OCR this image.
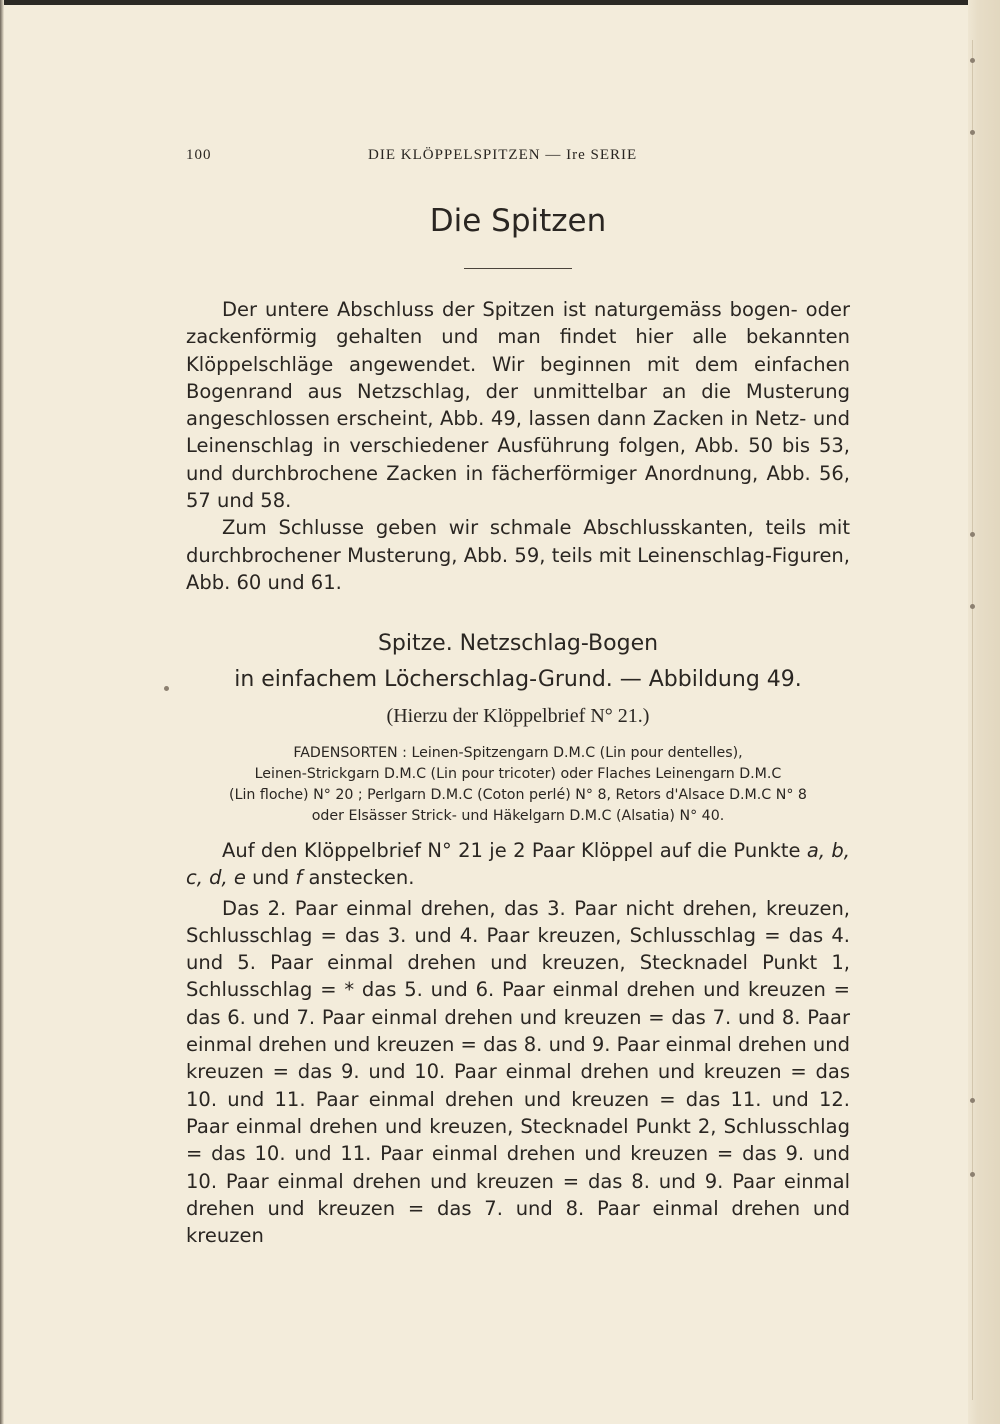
100	DIE KLÖPPELSPITZEN — Ire SERIE
Die Spitzen

Der untere Abschluss der Spitzen ist naturgemäss bogen- oder zackenförmig gehalten und man findet hier alle bekannten Klöppelschläge angewendet. Wir beginnen mit dem einfachen Bogenrand aus Netzschlag, der unmittelbar an die Musterung angeschlossen erscheint, Abb. 49, lassen dann Zacken in Netz- und Leinenschlag in verschiedener Ausführung folgen, Abb. 50 bis 53, und durchbrochene Zacken in fächerförmiger Anordnung, Abb. 56, 57 und 58.

Zum Schlusse geben wir schmale Abschlusskanten, teils mit durchbrochener Musterung, Abb. 59, teils mit Leinenschlag-Figuren, Abb. 60 und 61.

Spitze. Netzschlag-Bogen
in einfachem Löcherschlag-Grund. — Abbildung 49.
(Hierzu der Klöppelbrief N° 21.)
FADENSORTEN : Leinen-Spitzengarn D.M.C (Lin pour dentelles),
Leinen-Strickgarn D.M.C (Lin pour tricoter) oder Flaches Leinengarn D.M.C
(Lin floche) N° 20 ; Perlgarn D.M.C (Coton perlé) N° 8, Retors d'Alsace D.M.C N° 8
oder Elsässer Strick- und Häkelgarn D.M.C (Alsatia) N° 40.

Auf den Klöppelbrief N° 21 je 2 Paar Klöppel auf die Punkte a, b, c, d, e und f anstecken.

Das 2. Paar einmal drehen, das 3. Paar nicht drehen, kreuzen, Schlusschlag = das 3. und 4. Paar kreuzen, Schlusschlag = das 4. und 5. Paar einmal drehen und kreuzen, Stecknadel Punkt 1, Schlusschlag = * das 5. und 6. Paar einmal drehen und kreuzen = das 6. und 7. Paar einmal drehen und kreuzen = das 7. und 8. Paar einmal drehen und kreuzen = das 8. und 9. Paar einmal drehen und kreuzen = das 9. und 10. Paar einmal drehen und kreuzen = das 10. und 11. Paar einmal drehen und kreuzen = das 11. und 12. Paar einmal drehen und kreuzen, Stecknadel Punkt 2, Schlusschlag = das 10. und 11. Paar einmal drehen und kreuzen = das 9. und 10. Paar einmal drehen und kreuzen = das 8. und 9. Paar einmal drehen und kreuzen = das 7. und 8. Paar einmal drehen und kreuzen
